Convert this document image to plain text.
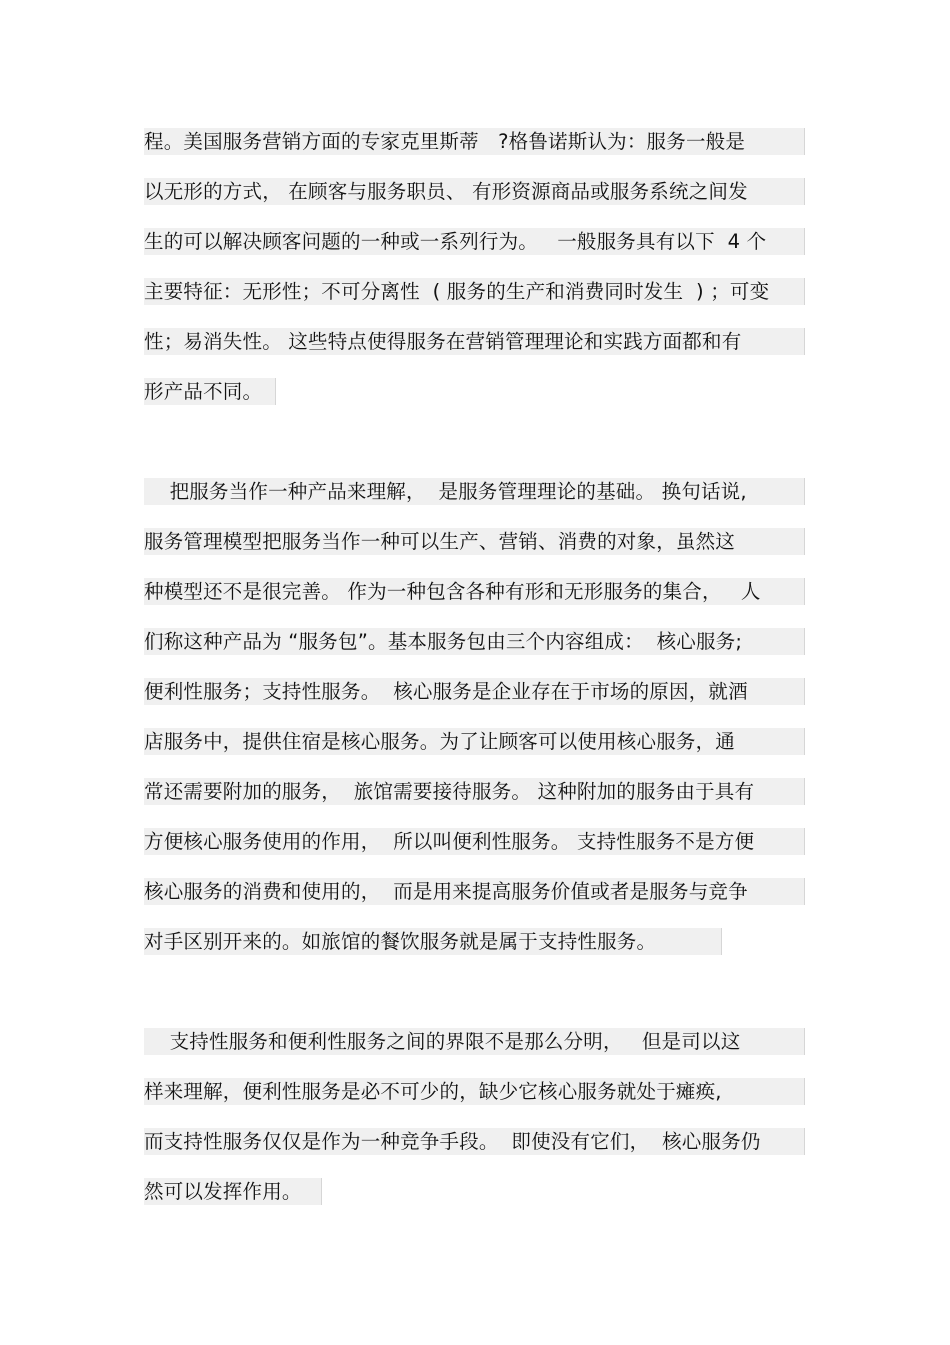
程。美国服务营销方面的专家克里斯蒂   ?格鲁诺斯认为：服务一般是
以无形的方式， 在顾客与服务职员、 有形资源商品或服务系统之间发
生的可以解决顾客问题的一种或一系列行为。   一般服务具有以下  4 个
主要特征：无形性；不可分离性  ( 服务的生产和消费同时发生  ) ；可变
性；易消失性。 这些特点使得服务在营销管理理论和实践方面都和有
形产品不同。
把服务当作一种产品来理解，  是服务管理理论的基础。 换句话说,
服务管理模型把服务当作一种可以生产、营销、消费的对象，虽然这
种模型还不是很完善。 作为一种包含各种有形和无形服务的集合，   人
们称这种产品为 “服务包”。基本服务包由三个内容组成：  核心服务;
便利性服务；支持性服务。  核心服务是企业存在于市场的原因，就酒
店服务中，提供住宿是核心服务。为了让顾客可以使用核心服务，通
常还需要附加的服务，  旅馆需要接待服务。 这种附加的服务由于具有
方便核心服务使用的作用，  所以叫便利性服务。 支持性服务不是方便
核心服务的消费和使用的，  而是用来提高服务价值或者是服务与竞争
对手区别开来的。如旅馆的餐饮服务就是属于支持性服务。
支持性服务和便利性服务之间的界限不是那么分明，   但是司以这
样来理解，便利性服务是必不可少的，缺少它核心服务就处于瘫痪,
而支持性服务仅仅是作为一种竞争手段。  即使没有它们，  核心服务仍
然可以发挥作用。
